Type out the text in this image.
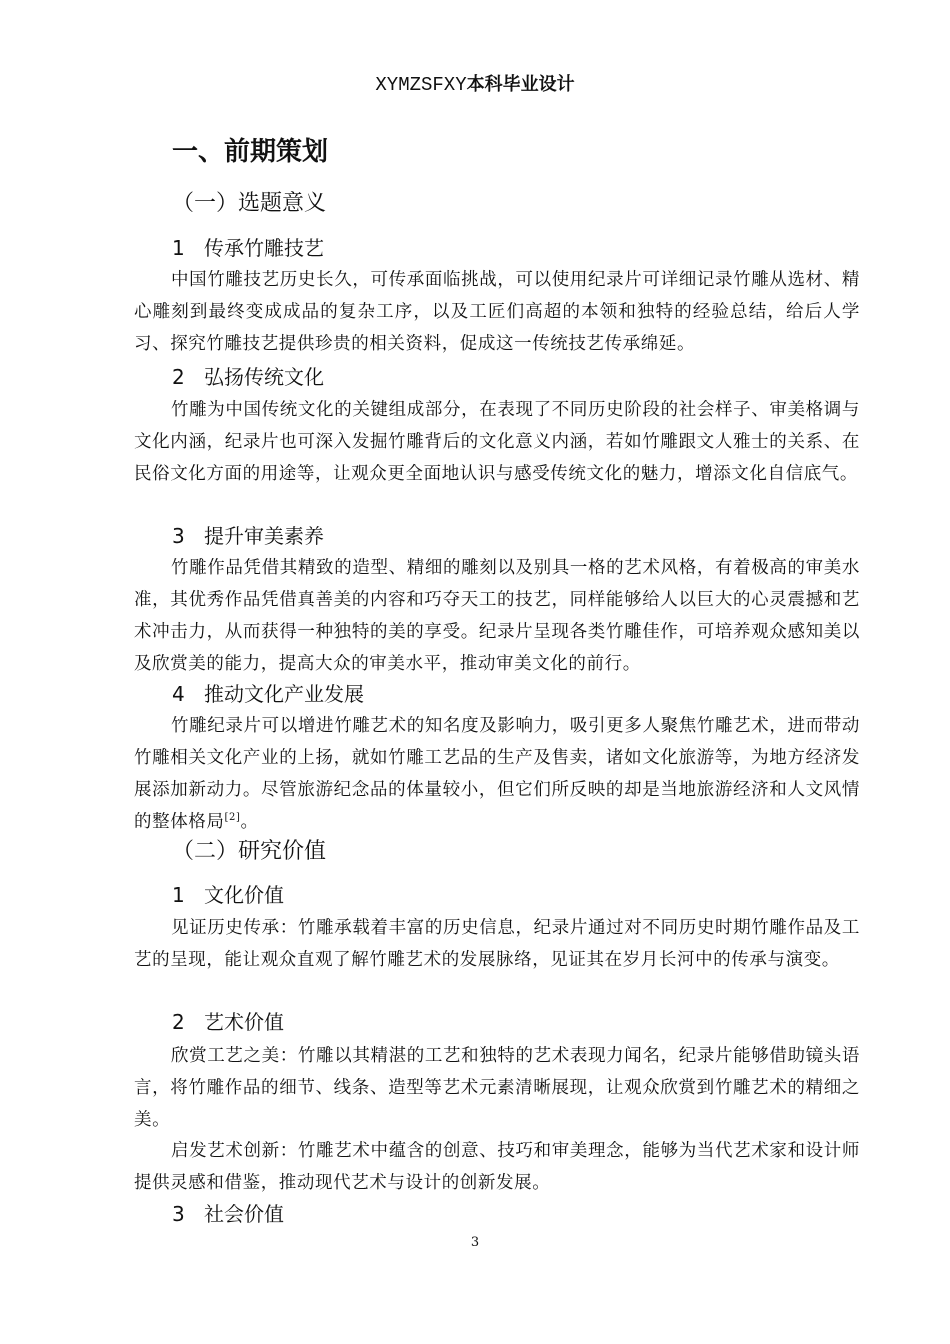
XYMZSFXY本科毕业设计
一、前期策划
（一）选题意义
1 传承竹雕技艺

中国竹雕技艺历史长久，可传承面临挑战，可以使用纪录片可详细记录竹雕从选材、精心雕刻到最终变成成品的复杂工序，以及工匠们高超的本领和独特的经验总结，给后人学习、探究竹雕技艺提供珍贵的相关资料，促成这一传统技艺传承绵延。

2 弘扬传统文化

竹雕为中国传统文化的关键组成部分，在表现了不同历史阶段的社会样子、审美格调与文化内涵，纪录片也可深入发掘竹雕背后的文化意义内涵，若如竹雕跟文人雅士的关系、在民俗文化方面的用途等，让观众更全面地认识与感受传统文化的魅力，增添文化自信底气。

3 提升审美素养

竹雕作品凭借其精致的造型、精细的雕刻以及别具一格的艺术风格，有着极高的审美水准，其优秀作品凭借真善美的内容和巧夺天工的技艺，同样能够给人以巨大的心灵震撼和艺术冲击力，从而获得一种独特的美的享受。纪录片呈现各类竹雕佳作，可培养观众感知美以及欣赏美的能力，提高大众的审美水平，推动审美文化的前行。

4 推动文化产业发展

竹雕纪录片可以增进竹雕艺术的知名度及影响力，吸引更多人聚焦竹雕艺术，进而带动竹雕相关文化产业的上扬，就如竹雕工艺品的生产及售卖，诸如文化旅游等，为地方经济发展添加新动力。尽管旅游纪念品的体量较小，但它们所反映的却是当地旅游经济和人文风情的整体格局[2]。

（二）研究价值
1 文化价值

见证历史传承：竹雕承载着丰富的历史信息，纪录片通过对不同历史时期竹雕作品及工艺的呈现，能让观众直观了解竹雕艺术的发展脉络，见证其在岁月长河中的传承与演变。

2 艺术价值

欣赏工艺之美：竹雕以其精湛的工艺和独特的艺术表现力闻名，纪录片能够借助镜头语言，将竹雕作品的细节、线条、造型等艺术元素清晰展现，让观众欣赏到竹雕艺术的精细之美。

启发艺术创新：竹雕艺术中蕴含的创意、技巧和审美理念，能够为当代艺术家和设计师提供灵感和借鉴，推动现代艺术与设计的创新发展。

3 社会价值
3
